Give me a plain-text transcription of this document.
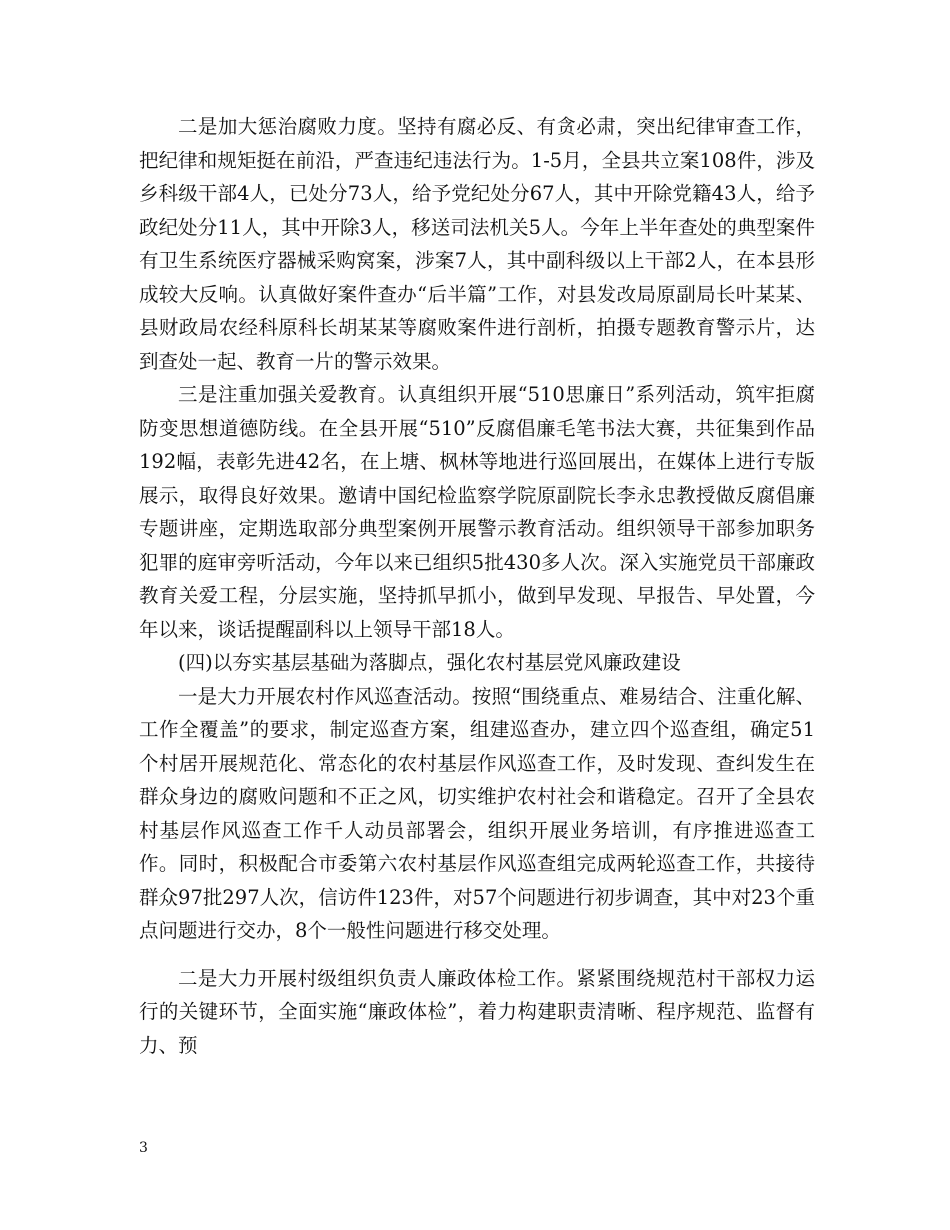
二是加大惩治腐败力度。坚持有腐必反、有贪必肃，突出纪律审查工作，把纪律和规矩挺在前沿，严查违纪违法行为。1-5月，全县共立案108件，涉及乡科级干部4人，已处分73人，给予党纪处分67人，其中开除党籍43人，给予政纪处分11人，其中开除3人，移送司法机关5人。今年上半年查处的典型案件有卫生系统医疗器械采购窝案，涉案7人，其中副科级以上干部2人，在本县形成较大反响。认真做好案件查办“后半篇”工作，对县发改局原副局长叶某某、县财政局农经科原科长胡某某等腐败案件进行剖析，拍摄专题教育警示片，达到查处一起、教育一片的警示效果。

三是注重加强关爱教育。认真组织开展“510思廉日”系列活动，筑牢拒腐防变思想道德防线。在全县开展“510”反腐倡廉毛笔书法大赛，共征集到作品192幅，表彰先进42名，在上塘、枫林等地进行巡回展出，在媒体上进行专版展示，取得良好效果。邀请中国纪检监察学院原副院长李永忠教授做反腐倡廉专题讲座，定期选取部分典型案例开展警示教育活动。组织领导干部参加职务犯罪的庭审旁听活动，今年以来已组织5批430多人次。深入实施党员干部廉政教育关爱工程，分层实施，坚持抓早抓小，做到早发现、早报告、早处置，今年以来，谈话提醒副科以上领导干部18人。

(四)以夯实基层基础为落脚点，强化农村基层党风廉政建设

一是大力开展农村作风巡查活动。按照“围绕重点、难易结合、注重化解、工作全覆盖”的要求，制定巡查方案，组建巡查办，建立四个巡查组，确定51个村居开展规范化、常态化的农村基层作风巡查工作，及时发现、查纠发生在群众身边的腐败问题和不正之风，切实维护农村社会和谐稳定。召开了全县农村基层作风巡查工作千人动员部署会，组织开展业务培训，有序推进巡查工作。同时，积极配合市委第六农村基层作风巡查组完成两轮巡查工作，共接待群众97批297人次，信访件123件，对57个问题进行初步调查，其中对23个重点问题进行交办，8个一般性问题进行移交处理。

二是大力开展村级组织负责人廉政体检工作。紧紧围绕规范村干部权力运行的关键环节，全面实施“廉政体检”，着力构建职责清晰、程序规范、监督有力、预

3
